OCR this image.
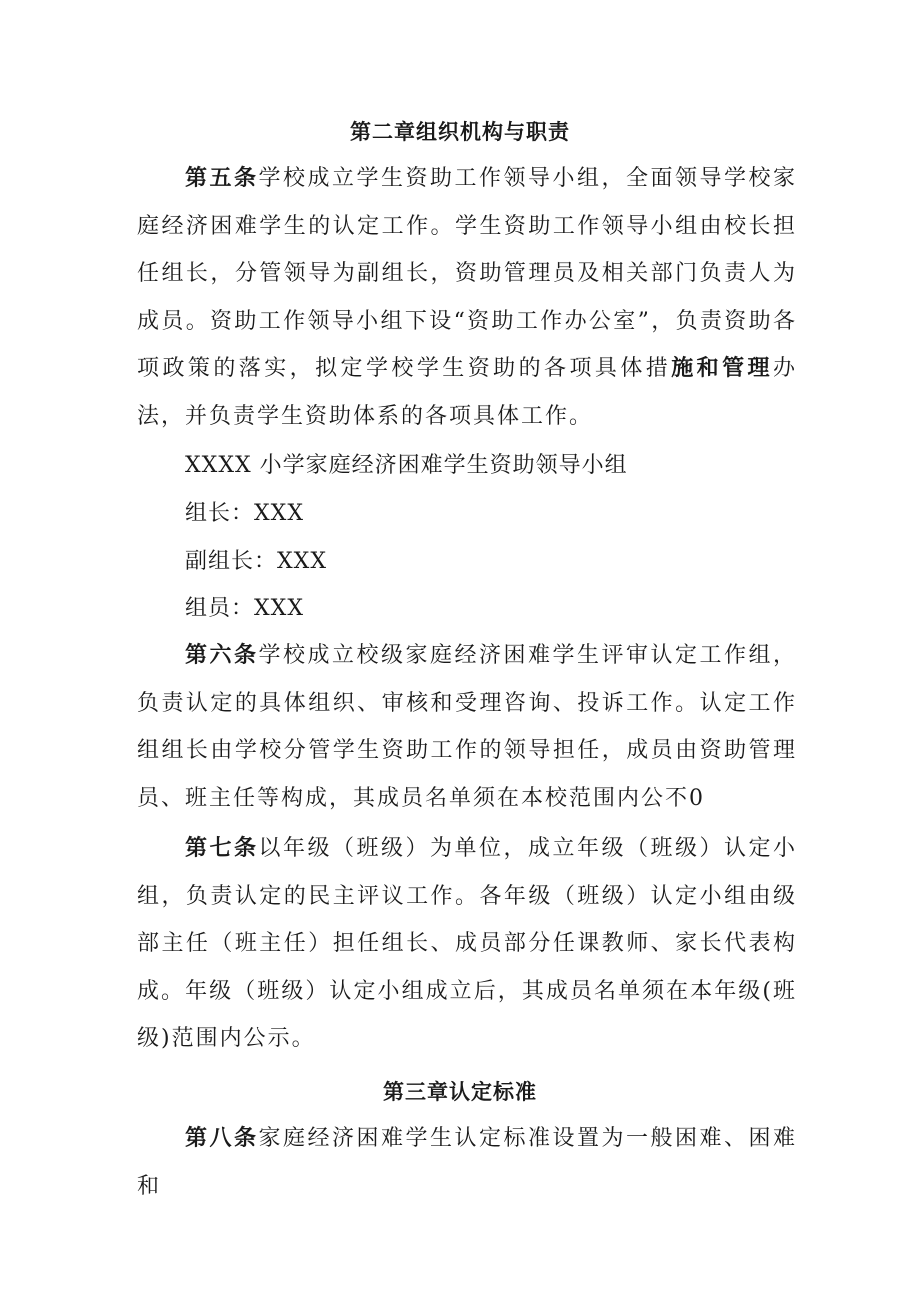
第二章组织机构与职责

第五条学校成立学生资助工作领导小组，全面领导学校家庭经济困难学生的认定工作。学生资助工作领导小组由校长担任组长，分管领导为副组长，资助管理员及相关部门负责人为成员。资助工作领导小组下设“资助工作办公室”，负责资助各项政策的落实，拟定学校学生资助的各项具体措施和管理办法，并负责学生资助体系的各项具体工作。

XXXX 小学家庭经济困难学生资助领导小组
组长：XXX
副组长：XXX
组员：XXX

第六条学校成立校级家庭经济困难学生评审认定工作组，负责认定的具体组织、审核和受理咨询、投诉工作。认定工作组组长由学校分管学生资助工作的领导担任，成员由资助管理员、班主任等构成，其成员名单须在本校范围内公不0

第七条以年级（班级）为单位，成立年级（班级）认定小组，负责认定的民主评议工作。各年级（班级）认定小组由级部主任（班主任）担任组长、成员部分任课教师、家长代表构成。年级（班级）认定小组成立后，其成员名单须在本年级(班级)范围内公示。

第三章认定标准

第八条家庭经济困难学生认定标准设置为一般困难、困难和
